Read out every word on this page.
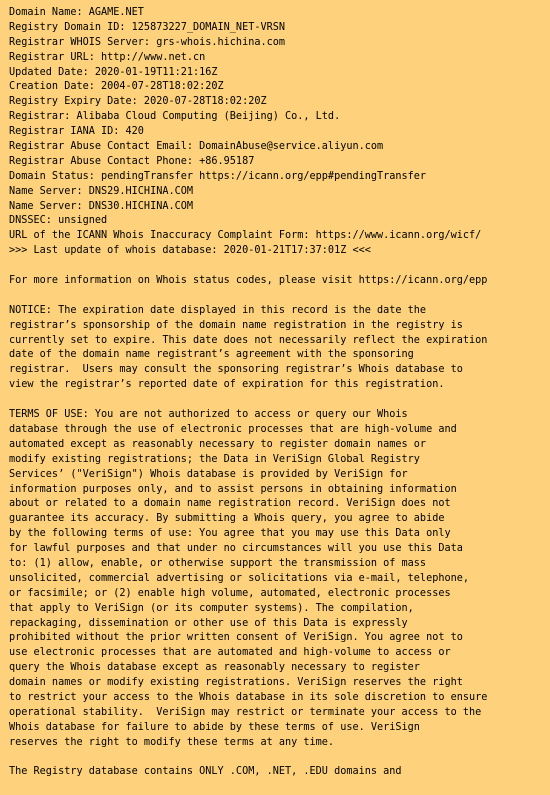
Domain Name: AGAME.NET
Registry Domain ID: 125873227_DOMAIN_NET-VRSN
Registrar WHOIS Server: grs-whois.hichina.com
Registrar URL: http://www.net.cn
Updated Date: 2020-01-19T11:21:16Z
Creation Date: 2004-07-28T18:02:20Z
Registry Expiry Date: 2020-07-28T18:02:20Z
Registrar: Alibaba Cloud Computing (Beijing) Co., Ltd.
Registrar IANA ID: 420
Registrar Abuse Contact Email: DomainAbuse@service.aliyun.com
Registrar Abuse Contact Phone: +86.95187
Domain Status: pendingTransfer https://icann.org/epp#pendingTransfer
Name Server: DNS29.HICHINA.COM
Name Server: DNS30.HICHINA.COM
DNSSEC: unsigned
URL of the ICANN Whois Inaccuracy Complaint Form: https://www.icann.org/wicf/
>>> Last update of whois database: 2020-01-21T17:37:01Z <<<
For more information on Whois status codes, please visit https://icann.org/epp
NOTICE: The expiration date displayed in this record is the date the
registrar’s sponsorship of the domain name registration in the registry is
currently set to expire. This date does not necessarily reflect the expiration
date of the domain name registrant’s agreement with the sponsoring
registrar.  Users may consult the sponsoring registrar’s Whois database to
view the registrar’s reported date of expiration for this registration.
TERMS OF USE: You are not authorized to access or query our Whois
database through the use of electronic processes that are high-volume and
automated except as reasonably necessary to register domain names or
modify existing registrations; the Data in VeriSign Global Registry
Services’ ("VeriSign") Whois database is provided by VeriSign for
information purposes only, and to assist persons in obtaining information
about or related to a domain name registration record. VeriSign does not
guarantee its accuracy. By submitting a Whois query, you agree to abide
by the following terms of use: You agree that you may use this Data only
for lawful purposes and that under no circumstances will you use this Data
to: (1) allow, enable, or otherwise support the transmission of mass
unsolicited, commercial advertising or solicitations via e-mail, telephone,
or facsimile; or (2) enable high volume, automated, electronic processes
that apply to VeriSign (or its computer systems). The compilation,
repackaging, dissemination or other use of this Data is expressly
prohibited without the prior written consent of VeriSign. You agree not to
use electronic processes that are automated and high-volume to access or
query the Whois database except as reasonably necessary to register
domain names or modify existing registrations. VeriSign reserves the right
to restrict your access to the Whois database in its sole discretion to ensure
operational stability.  VeriSign may restrict or terminate your access to the
Whois database for failure to abide by these terms of use. VeriSign
reserves the right to modify these terms at any time.
The Registry database contains ONLY .COM, .NET, .EDU domains and
